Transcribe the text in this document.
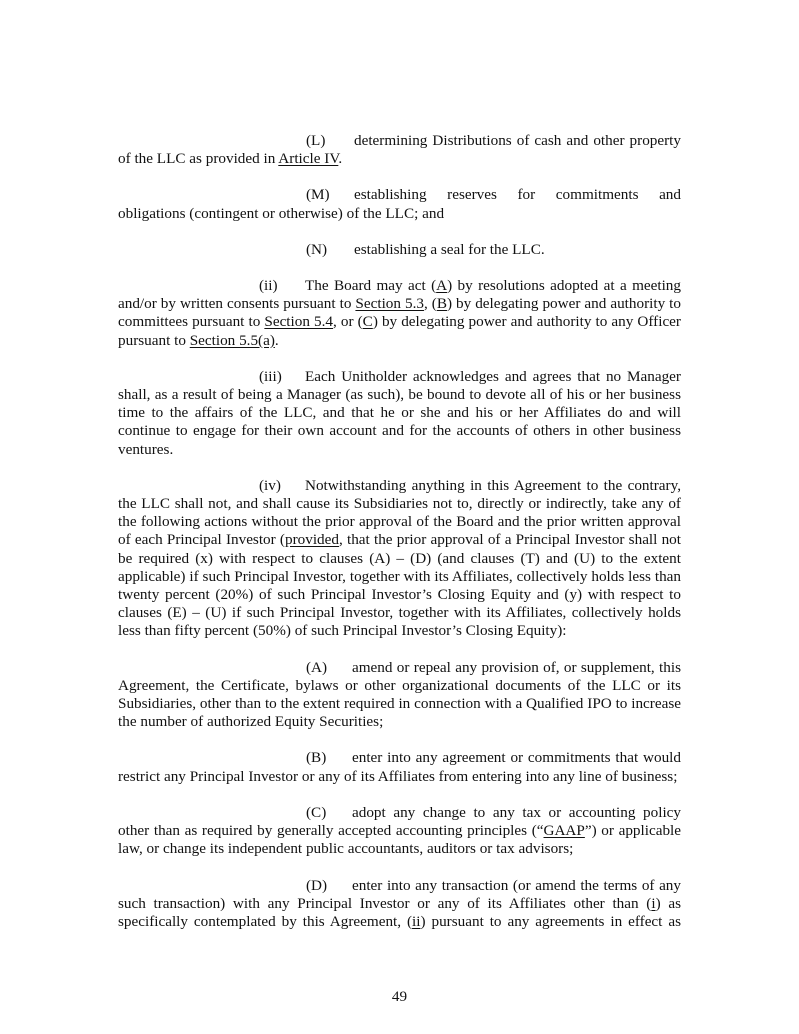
(L) determining Distributions of cash and other property
of the LLC as provided in Article IV.

(M) establishing reserves for commitments and
obligations (contingent or otherwise) of the LLC; and

(N) establishing a seal for the LLC.

(ii) The Board may act (A) by resolutions adopted at a meeting and/or by written consents pursuant to Section 5.3, (B) by delegating power and authority to committees pursuant to Section 5.4, or (C) by delegating power and authority to any Officer pursuant to Section 5.5(a).

(iii) Each Unitholder acknowledges and agrees that no Manager shall, as a result of being a Manager (as such), be bound to devote all of his or her business time to the affairs of the LLC, and that he or she and his or her Affiliates do and will continue to engage for their own account and for the accounts of others in other business ventures.

(iv) Notwithstanding anything in this Agreement to the contrary, the LLC shall not, and shall cause its Subsidiaries not to, directly or indirectly, take any of the following actions without the prior approval of the Board and the prior written approval of each Principal Investor (provided, that the prior approval of a Principal Investor shall not be required (x) with respect to clauses (A) – (D) (and clauses (T) and (U) to the extent applicable) if such Principal Investor, together with its Affiliates, collectively holds less than twenty percent (20%) of such Principal Investor’s Closing Equity and (y) with respect to clauses (E) – (U) if such Principal Investor, together with its Affiliates, collectively holds less than fifty percent (50%) of such Principal Investor’s Closing Equity):

(A) amend or repeal any provision of, or supplement, this Agreement, the Certificate, bylaws or other organizational documents of the LLC or its Subsidiaries, other than to the extent required in connection with a Qualified IPO to increase the number of authorized Equity Securities;

(B) enter into any agreement or commitments that would restrict any Principal Investor or any of its Affiliates from entering into any line of business;

(C) adopt any change to any tax or accounting policy other than as required by generally accepted accounting principles (“GAAP”) or applicable law, or change its independent public accountants, auditors or tax advisors;

(D) enter into any transaction (or amend the terms of any such transaction) with any Principal Investor or any of its Affiliates other than (i) as specifically contemplated by this Agreement, (ii) pursuant to any agreements in effect as

49
